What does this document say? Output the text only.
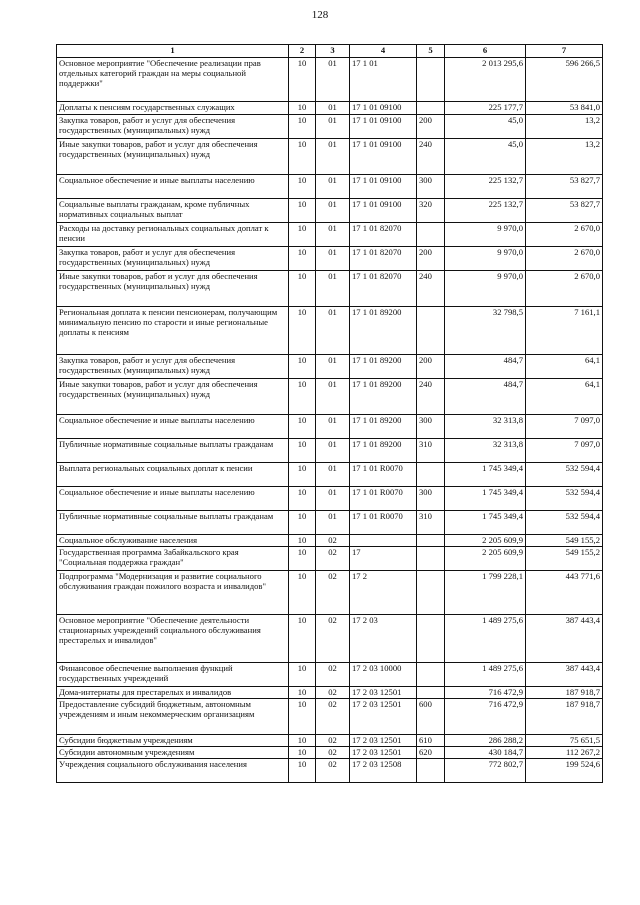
128
1	2	3	4	5	6	7
Основное мероприятие "Обеспечение реализации прав отдельных категорий граждан на меры социальной поддержки"	10	01	17 1 01		2 013 295,6	596 266,5
Доплаты к пенсиям государственных служащих	10	01	17 1 01 09100		225 177,7	53 841,0
Закупка товаров, работ и услуг для обеспечения государственных (муниципальных) нужд	10	01	17 1 01 09100	200	45,0	13,2
Иные закупки товаров, работ и услуг для обеспечения государственных (муниципальных) нужд	10	01	17 1 01 09100	240	45,0	13,2
Социальное обеспечение и иные выплаты населению	10	01	17 1 01 09100	300	225 132,7	53 827,7
Социальные выплаты гражданам, кроме публичных нормативных социальных выплат	10	01	17 1 01 09100	320	225 132,7	53 827,7
Расходы на доставку региональных социальных доплат к пенсии	10	01	17 1 01 82070		9 970,0	2 670,0
Закупка товаров, работ и услуг для обеспечения государственных (муниципальных) нужд	10	01	17 1 01 82070	200	9 970,0	2 670,0
Иные закупки товаров, работ и услуг для обеспечения государственных (муниципальных) нужд	10	01	17 1 01 82070	240	9 970,0	2 670,0
Региональная доплата к пенсии пенсионерам, получающим минимальную пенсию по старости и иные региональные доплаты к пенсиям	10	01	17 1 01 89200		32 798,5	7 161,1
Закупка товаров, работ и услуг для обеспечения государственных (муниципальных) нужд	10	01	17 1 01 89200	200	484,7	64,1
Иные закупки товаров, работ и услуг для обеспечения государственных (муниципальных) нужд	10	01	17 1 01 89200	240	484,7	64,1
Социальное обеспечение и иные выплаты населению	10	01	17 1 01 89200	300	32 313,8	7 097,0
Публичные нормативные социальные выплаты гражданам	10	01	17 1 01 89200	310	32 313,8	7 097,0
Выплата региональных социальных доплат к пенсии	10	01	17 1 01 R0070		1 745 349,4	532 594,4
Социальное обеспечение и иные выплаты населению	10	01	17 1 01 R0070	300	1 745 349,4	532 594,4
Публичные нормативные социальные выплаты гражданам	10	01	17 1 01 R0070	310	1 745 349,4	532 594,4
Социальное обслуживание населения	10	02			2 205 609,9	549 155,2
Государственная программа Забайкальского края "Социальная поддержка граждан"	10	02	17		2 205 609,9	549 155,2
Подпрограмма "Модернизация и развитие социального обслуживания граждан пожилого возраста и инвалидов"	10	02	17 2		1 799 228,1	443 771,6
Основное мероприятие "Обеспечение деятельности стационарных учреждений социального обслуживания престарелых и инвалидов"	10	02	17 2 03		1 489 275,6	387 443,4
Финансовое обеспечение выполнения функций государственных учреждений	10	02	17 2 03 10000		1 489 275,6	387 443,4
Дома-интернаты для престарелых и инвалидов	10	02	17 2 03 12501		716 472,9	187 918,7
Предоставление субсидий бюджетным, автономным учреждениям и иным некоммерческим организациям	10	02	17 2 03 12501	600	716 472,9	187 918,7
Субсидии бюджетным учреждениям	10	02	17 2 03 12501	610	286 288,2	75 651,5
Субсидии автономным учреждениям	10	02	17 2 03 12501	620	430 184,7	112 267,2
Учреждения социального обслуживания населения	10	02	17 2 03 12508		772 802,7	199 524,6
